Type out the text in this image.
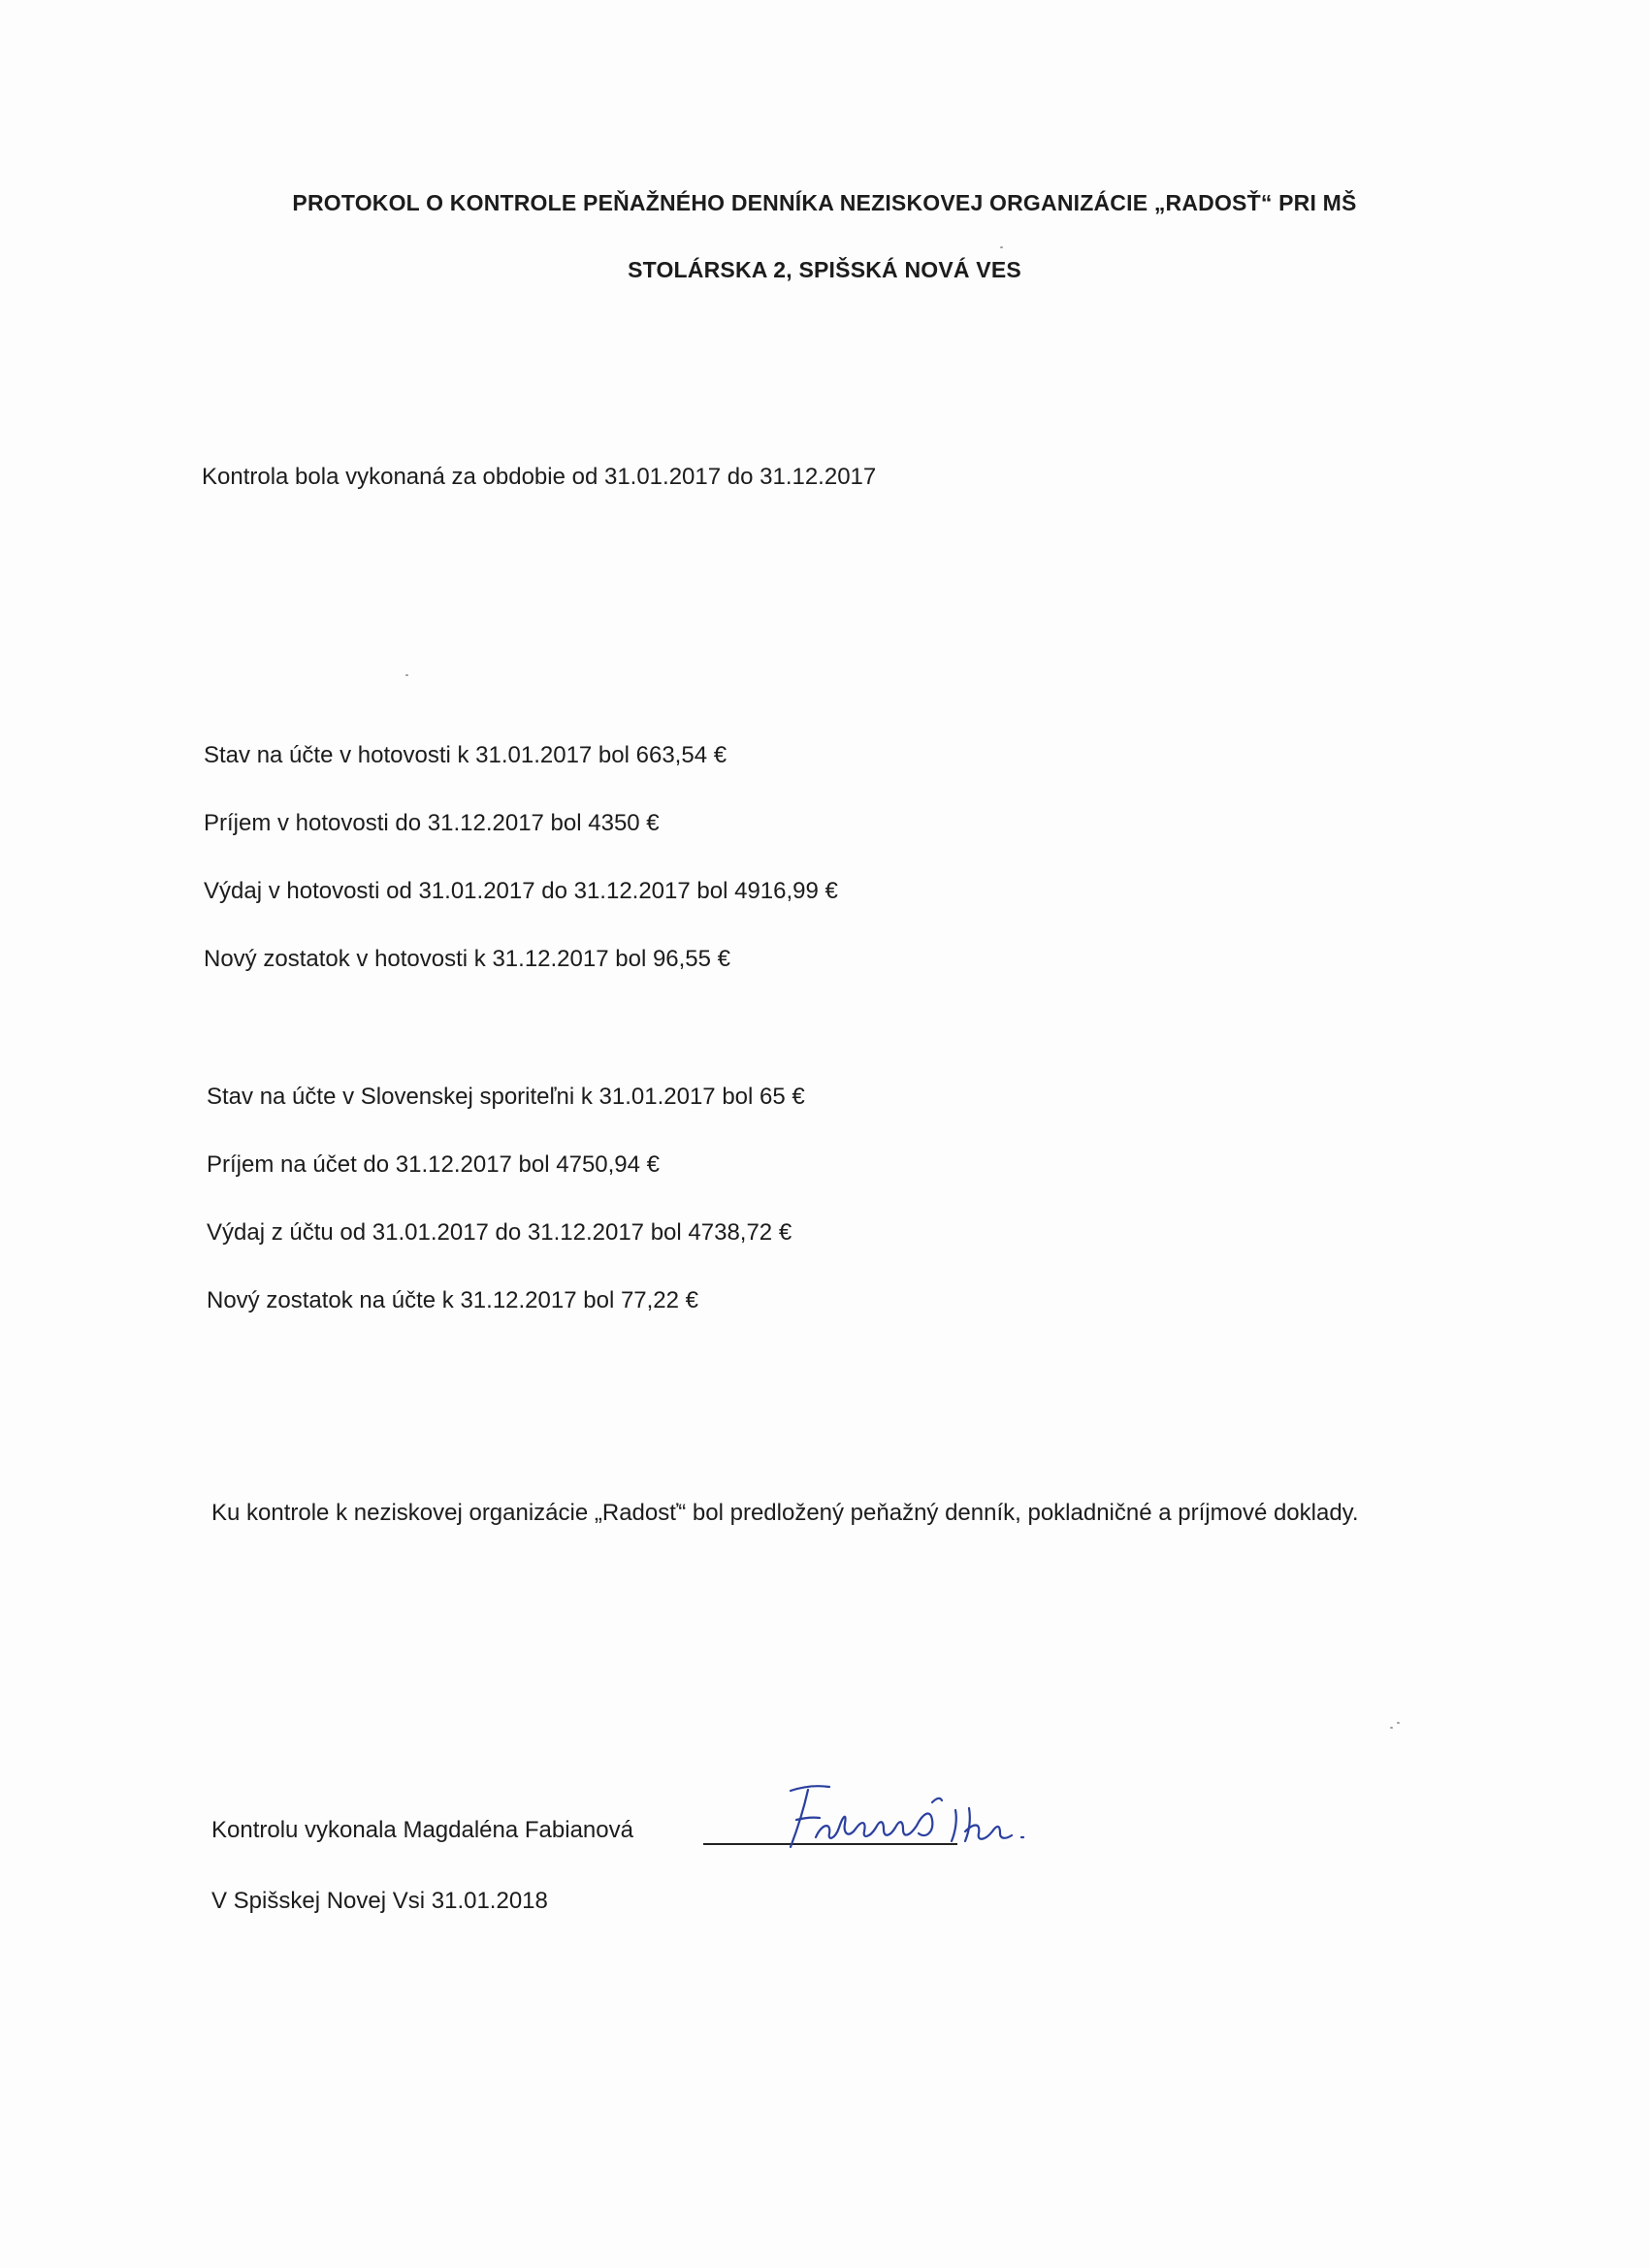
PROTOKOL O KONTROLE PEŇAŽNÉHO DENNÍKA NEZISKOVEJ ORGANIZÁCIE „RADOSŤ“ PRI MŠ
STOLÁRSKA 2, SPIŠSKÁ NOVÁ VES
Kontrola bola vykonaná za obdobie od 31.01.2017 do 31.12.2017
Stav na účte v hotovosti k 31.01.2017 bol 663,54 €
Príjem v hotovosti do 31.12.2017 bol 4350 €
Výdaj v hotovosti od 31.01.2017 do 31.12.2017 bol 4916,99 €
Nový zostatok v hotovosti k 31.12.2017 bol 96,55 €
Stav na účte v Slovenskej sporiteľni k 31.01.2017 bol 65 €
Príjem na účet do 31.12.2017 bol 4750,94 €
Výdaj z účtu od 31.01.2017 do 31.12.2017 bol 4738,72 €
Nový zostatok na účte k 31.12.2017 bol 77,22 €
Ku kontrole k neziskovej organizácie „Radosť“ bol predložený peňažný denník, pokladničné a príjmové doklady.
Kontrolu vykonala Magdaléna Fabianová
V Spišskej Novej Vsi 31.01.2018
